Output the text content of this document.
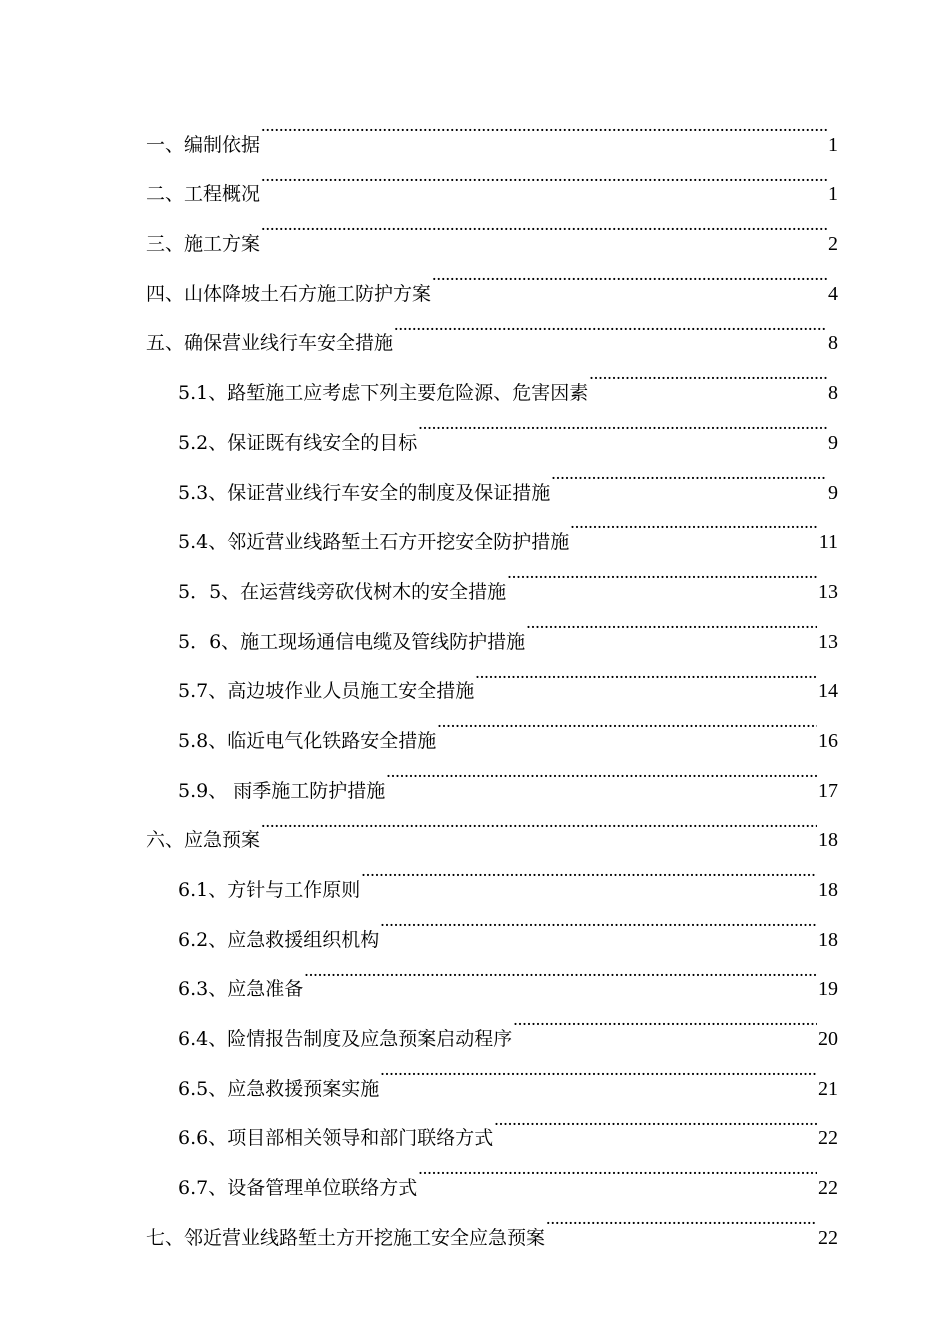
一、编制依据 .....	1
二、工程概况 .....	1
三、施工方案 .....	2
四、山体降坡土石方施工防护方案 .....	4
五、确保营业线行车安全措施 .....	8
5.1、路堑施工应考虑下列主要危险源、危害因素 .....	8
5.2、保证既有线安全的目标 .....	9
5.3、保证营业线行车安全的制度及保证措施 .....	9
5.4、邻近营业线路堑土石方开挖安全防护措施 .....	11
5．5、在运营线旁砍伐树木的安全措施 .....	13
5．6、施工现场通信电缆及管线防护措施 .....	13
5.7、高边坡作业人员施工安全措施 .....	14
5.8、临近电气化铁路安全措施 .....	16
5.9、 雨季施工防护措施 .....	17
六、应急预案 .....	18
6.1、方针与工作原则 .....	18
6.2、应急救援组织机构 .....	18
6.3、应急准备 .....	19
6.4、险情报告制度及应急预案启动程序 .....	20
6.5、应急救援预案实施 .....	21
6.6、项目部相关领导和部门联络方式 .....	22
6.7、设备管理单位联络方式 .....	22
七、邻近营业线路堑土方开挖施工安全应急预案 .....	22
